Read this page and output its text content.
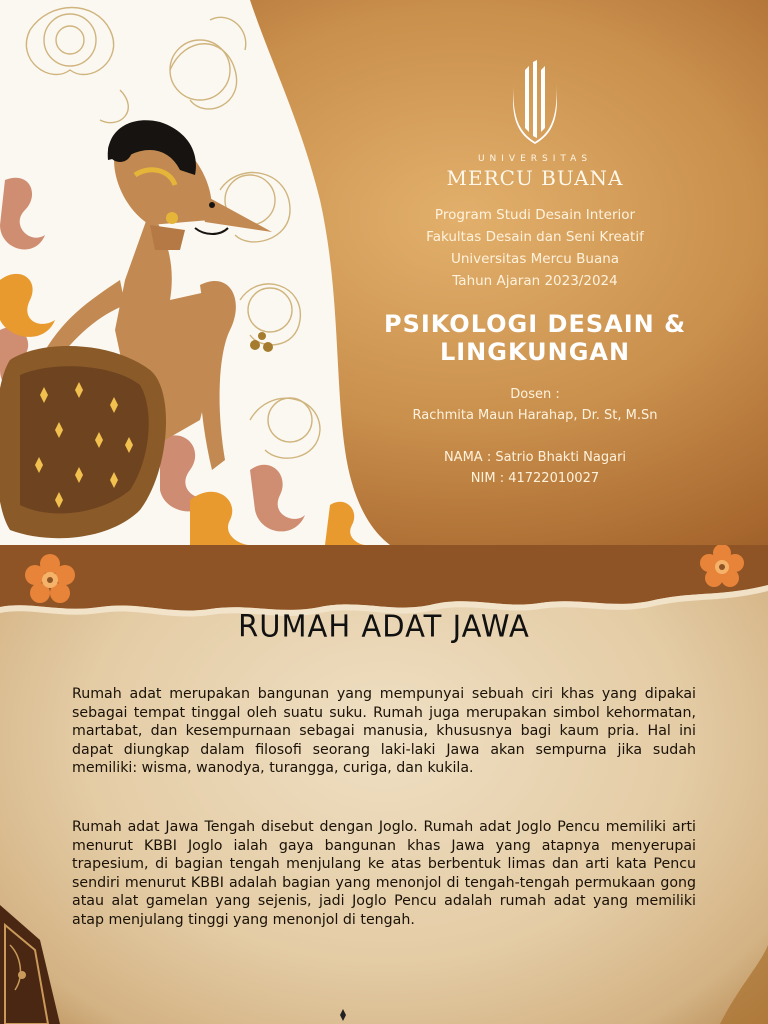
UNIVERSITAS
MERCU BUANA
Program Studi Desain Interior
Fakultas Desain dan Seni Kreatif
Universitas Mercu Buana
Tahun Ajaran 2023/2024
PSIKOLOGI DESAIN &
LINGKUNGAN
Dosen :
Rachmita Maun Harahap, Dr. St, M.Sn
NAMA : Satrio Bhakti Nagari
NIM : 41722010027
RUMAH ADAT JAWA

Rumah adat merupakan bangunan yang mempunyai sebuah ciri khas yang dipakai sebagai tempat tinggal oleh suatu suku. Rumah juga merupakan simbol kehormatan, martabat, dan kesempurnaan sebagai manusia, khususnya bagi kaum pria. Hal ini dapat diungkap dalam filosofi seorang laki-laki Jawa akan sempurna jika sudah memiliki: wisma, wanodya, turangga, curiga, dan kukila.

Rumah adat Jawa Tengah disebut dengan Joglo. Rumah adat Joglo Pencu memiliki arti menurut KBBI Joglo ialah gaya bangunan khas Jawa yang atapnya menyerupai trapesium, di bagian tengah menjulang ke atas berbentuk limas dan arti kata Pencu sendiri menurut KBBI adalah bagian yang menonjol di tengah-tengah permukaan gong atau alat gamelan yang sejenis, jadi Joglo Pencu adalah rumah adat yang memiliki atap menjulang tinggi yang menonjol di tengah.
